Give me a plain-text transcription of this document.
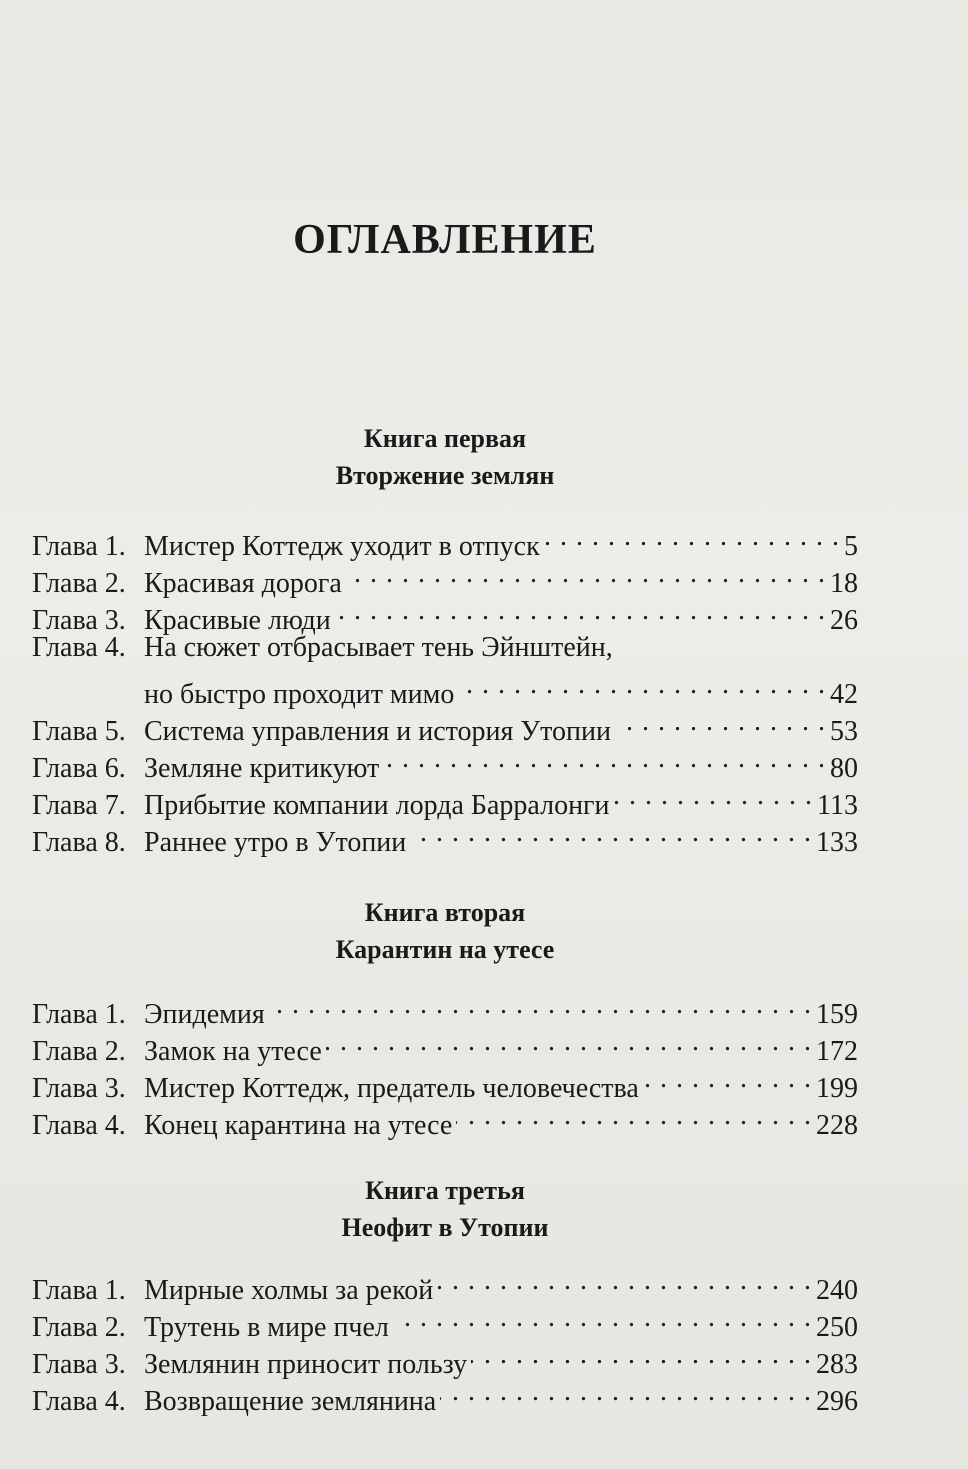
ОГЛАВЛЕНИЕ
Книга первая
Вторжение землян
Глава 1. Мистер Коттедж уходит в отпуск . . .	5
Глава 2. Красивая дорога . . .	18
Глава 3. Красивые люди . . .	26
Глава 4. На сюжет отбрасывает тень Эйнштейн,
но быстро проходит мимо . . .	42
Глава 5. Система управления и история Утопии . . .	53
Глава 6. Земляне критикуют . . .	80
Глава 7. Прибытие компании лорда Барралонги . . .	113
Глава 8. Раннее утро в Утопии . . .	133
Книга вторая
Карантин на утесе
Глава 1. Эпидемия . . .	159
Глава 2. Замок на утесе . . .	172
Глава 3. Мистер Коттедж, предатель человечества . . .	199
Глава 4. Конец карантина на утесе . . .	228
Книга третья
Неофит в Утопии
Глава 1. Мирные холмы за рекой . . .	240
Глава 2. Трутень в мире пчел . . .	250
Глава 3. Землянин приносит пользу . . .	283
Глава 4. Возвращение землянина . . .	296
